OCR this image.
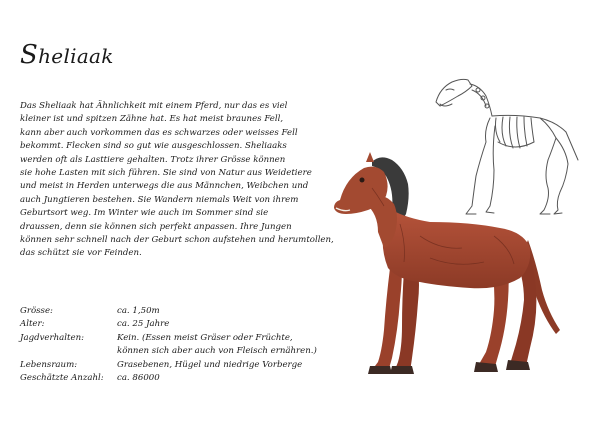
Sheliaak
Das Sheliaak hat Ähnlichkeit mit einem Pferd, nur das es viel
kleiner ist und spitzen Zähne hat. Es hat meist braunes Fell,
kann aber auch vorkommen das es schwarzes oder weisses Fell
bekommt. Flecken sind so gut wie ausgeschlossen. Sheliaaks
werden oft als Lasttiere gehalten. Trotz ihrer Grösse können
sie hohe Lasten mit sich führen. Sie sind von Natur aus Weidetiere
und meist in Herden unterwegs die aus Männchen, Weibchen und
auch Jungtieren bestehen. Sie Wandern niemals Weit von ihrem
Geburtsort weg. Im Winter wie auch im Sommer sind sie
draussen, denn sie können sich perfekt anpassen. Ihre Jungen
können sehr schnell nach der Geburt schon aufstehen und herumtollen,
das schützt sie vor Feinden.
Grösse:	ca. 1,50m
Alter:	ca. 25 Jahre
Jagdverhalten:	Kein. (Essen meist Gräser oder Früchte,
können sich aber auch von Fleisch ernähren.)
Lebensraum:	Grasebenen, Hügel und niedrige Vorberge
Geschätzte Anzahl:	ca. 86000
